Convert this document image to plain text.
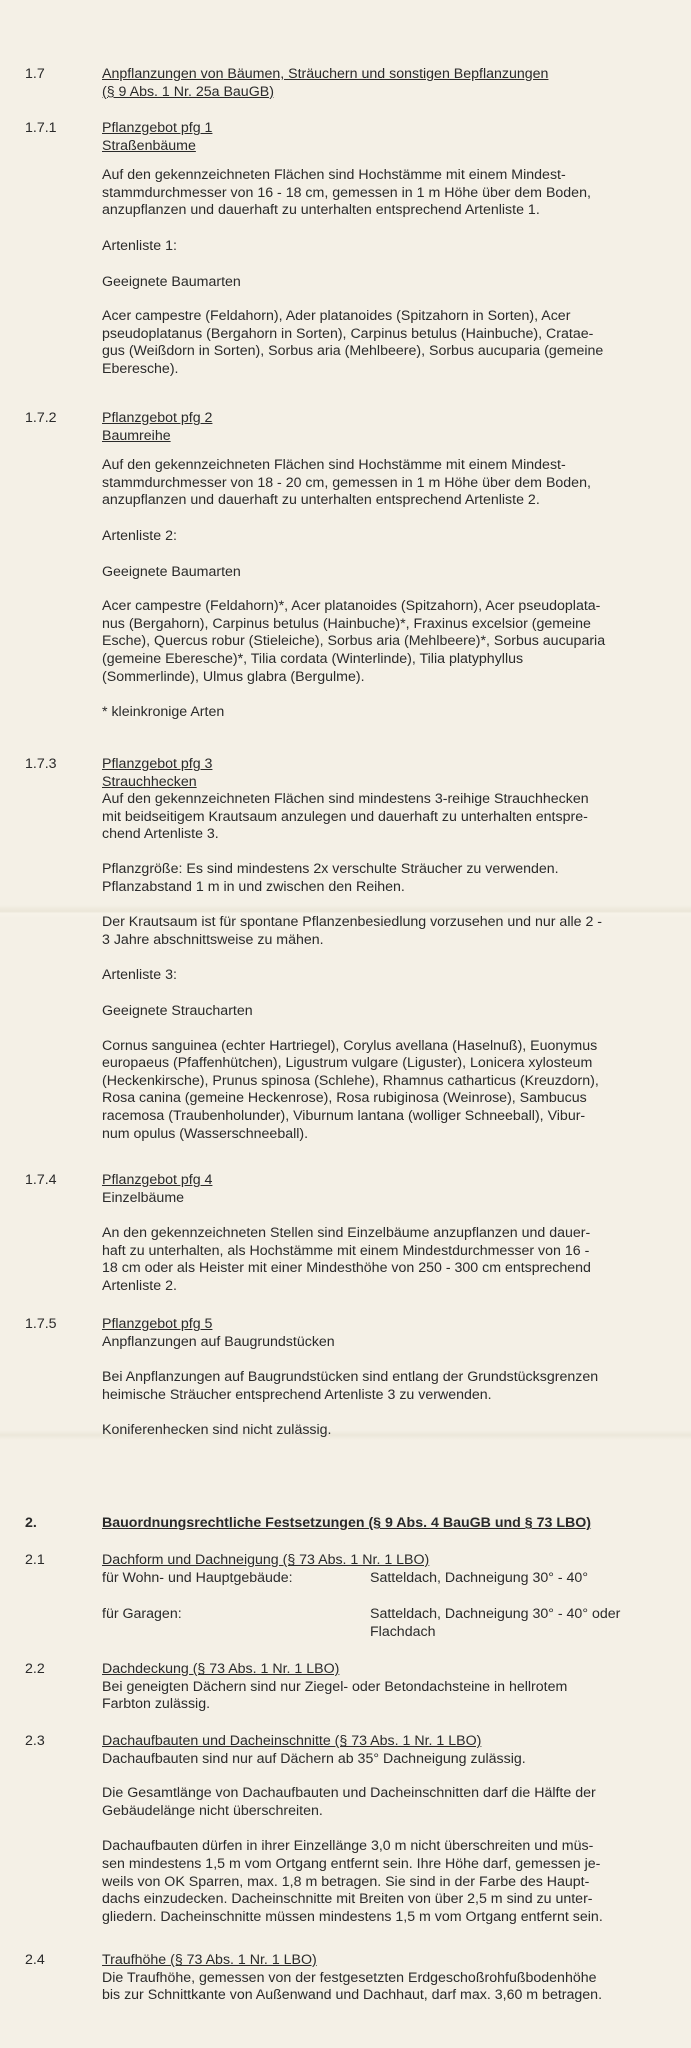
1.7	Anpflanzungen von Bäumen, Sträuchern und sonstigen Bepflanzungen

(§ 9 Abs. 1 Nr. 25a BauGB)

1.7.1	Pflanzgebot pfg 1

Straßenbäume

Auf den gekennzeichneten Flächen sind Hochstämme mit einem Mindest-

stammdurchmesser von 16 - 18 cm, gemessen in 1 m Höhe über dem Boden,

anzupflanzen und dauerhaft zu unterhalten entsprechend Artenliste 1.

Artenliste 1:

Geeignete Baumarten

Acer campestre (Feldahorn), Ader platanoides (Spitzahorn in Sorten), Acer

pseudoplatanus (Bergahorn in Sorten), Carpinus betulus (Hainbuche), Cratae-

gus (Weißdorn in Sorten), Sorbus aria (Mehlbeere), Sorbus aucuparia (gemeine

Eberesche).

1.7.2	Pflanzgebot pfg 2

Baumreihe

Auf den gekennzeichneten Flächen sind Hochstämme mit einem Mindest-

stammdurchmesser von 18 - 20 cm, gemessen in 1 m Höhe über dem Boden,

anzupflanzen und dauerhaft zu unterhalten entsprechend Artenliste 2.

Artenliste 2:

Geeignete Baumarten

Acer campestre (Feldahorn)*, Acer platanoides (Spitzahorn), Acer pseudoplata-

nus (Bergahorn), Carpinus betulus (Hainbuche)*, Fraxinus excelsior (gemeine

Esche), Quercus robur (Stieleiche), Sorbus aria (Mehlbeere)*, Sorbus aucuparia

(gemeine Eberesche)*, Tilia cordata (Winterlinde), Tilia platyphyllus

(Sommerlinde), Ulmus glabra (Bergulme).

* kleinkronige Arten

1.7.3	Pflanzgebot pfg 3

Strauchhecken

Auf den gekennzeichneten Flächen sind mindestens 3-reihige Strauchhecken

mit beidseitigem Krautsaum anzulegen und dauerhaft zu unterhalten entspre-

chend Artenliste 3.

Pflanzgröße: Es sind mindestens 2x verschulte Sträucher zu verwenden.

Pflanzabstand 1 m in und zwischen den Reihen.

Der Krautsaum ist für spontane Pflanzenbesiedlung vorzusehen und nur alle 2 -

3 Jahre abschnittsweise zu mähen.

Artenliste 3:

Geeignete Straucharten

Cornus sanguinea (echter Hartriegel), Corylus avellana (Haselnuß), Euonymus

europaeus (Pfaffenhütchen), Ligustrum vulgare (Liguster), Lonicera xylosteum

(Heckenkirsche), Prunus spinosa (Schlehe), Rhamnus catharticus (Kreuzdorn),

Rosa canina (gemeine Heckenrose), Rosa rubiginosa (Weinrose), Sambucus

racemosa (Traubenholunder), Viburnum lantana (wolliger Schneeball), Vibur-

num opulus (Wasserschneeball).

1.7.4	Pflanzgebot pfg 4

Einzelbäume

An den gekennzeichneten Stellen sind Einzelbäume anzupflanzen und dauer-

haft zu unterhalten, als Hochstämme mit einem Mindestdurchmesser von 16 -

18 cm oder als Heister mit einer Mindesthöhe von 250 - 300 cm entsprechend

Artenliste 2.

1.7.5	Pflanzgebot pfg 5

Anpflanzungen auf Baugrundstücken

Bei Anpflanzungen auf Baugrundstücken sind entlang der Grundstücksgrenzen

heimische Sträucher entsprechend Artenliste 3 zu verwenden.

Koniferenhecken sind nicht zulässig.

2.	Bauordnungsrechtliche Festsetzungen (§ 9 Abs. 4 BauGB und § 73 LBO)
2.1	Dachform und Dachneigung (§ 73 Abs. 1 Nr. 1 LBO)

für Wohn- und Hauptgebäude:	Satteldach, Dachneigung 30° - 40°
für Garagen:	Satteldach, Dachneigung 30° - 40° oder

Flachdach

2.2	Dachdeckung (§ 73 Abs. 1 Nr. 1 LBO)

Bei geneigten Dächern sind nur Ziegel- oder Betondachsteine in hellrotem

Farbton zulässig.

2.3	Dachaufbauten und Dacheinschnitte (§ 73 Abs. 1 Nr. 1 LBO)

Dachaufbauten sind nur auf Dächern ab 35° Dachneigung zulässig.

Die Gesamtlänge von Dachaufbauten und Dacheinschnitten darf die Hälfte der

Gebäudelänge nicht überschreiten.

Dachaufbauten dürfen in ihrer Einzellänge 3,0 m nicht überschreiten und müs-

sen mindestens 1,5 m vom Ortgang entfernt sein. Ihre Höhe darf, gemessen je-

weils von OK Sparren, max. 1,8 m betragen. Sie sind in der Farbe des Haupt-

dachs einzudecken. Dacheinschnitte mit Breiten von über 2,5 m sind zu unter-

gliedern. Dacheinschnitte müssen mindestens 1,5 m vom Ortgang entfernt sein.

2.4	Traufhöhe (§ 73 Abs. 1 Nr. 1 LBO)

Die Traufhöhe, gemessen von der festgesetzten Erdgeschoßrohfußbodenhöhe

bis zur Schnittkante von Außenwand und Dachhaut, darf max. 3,60 m betragen.
